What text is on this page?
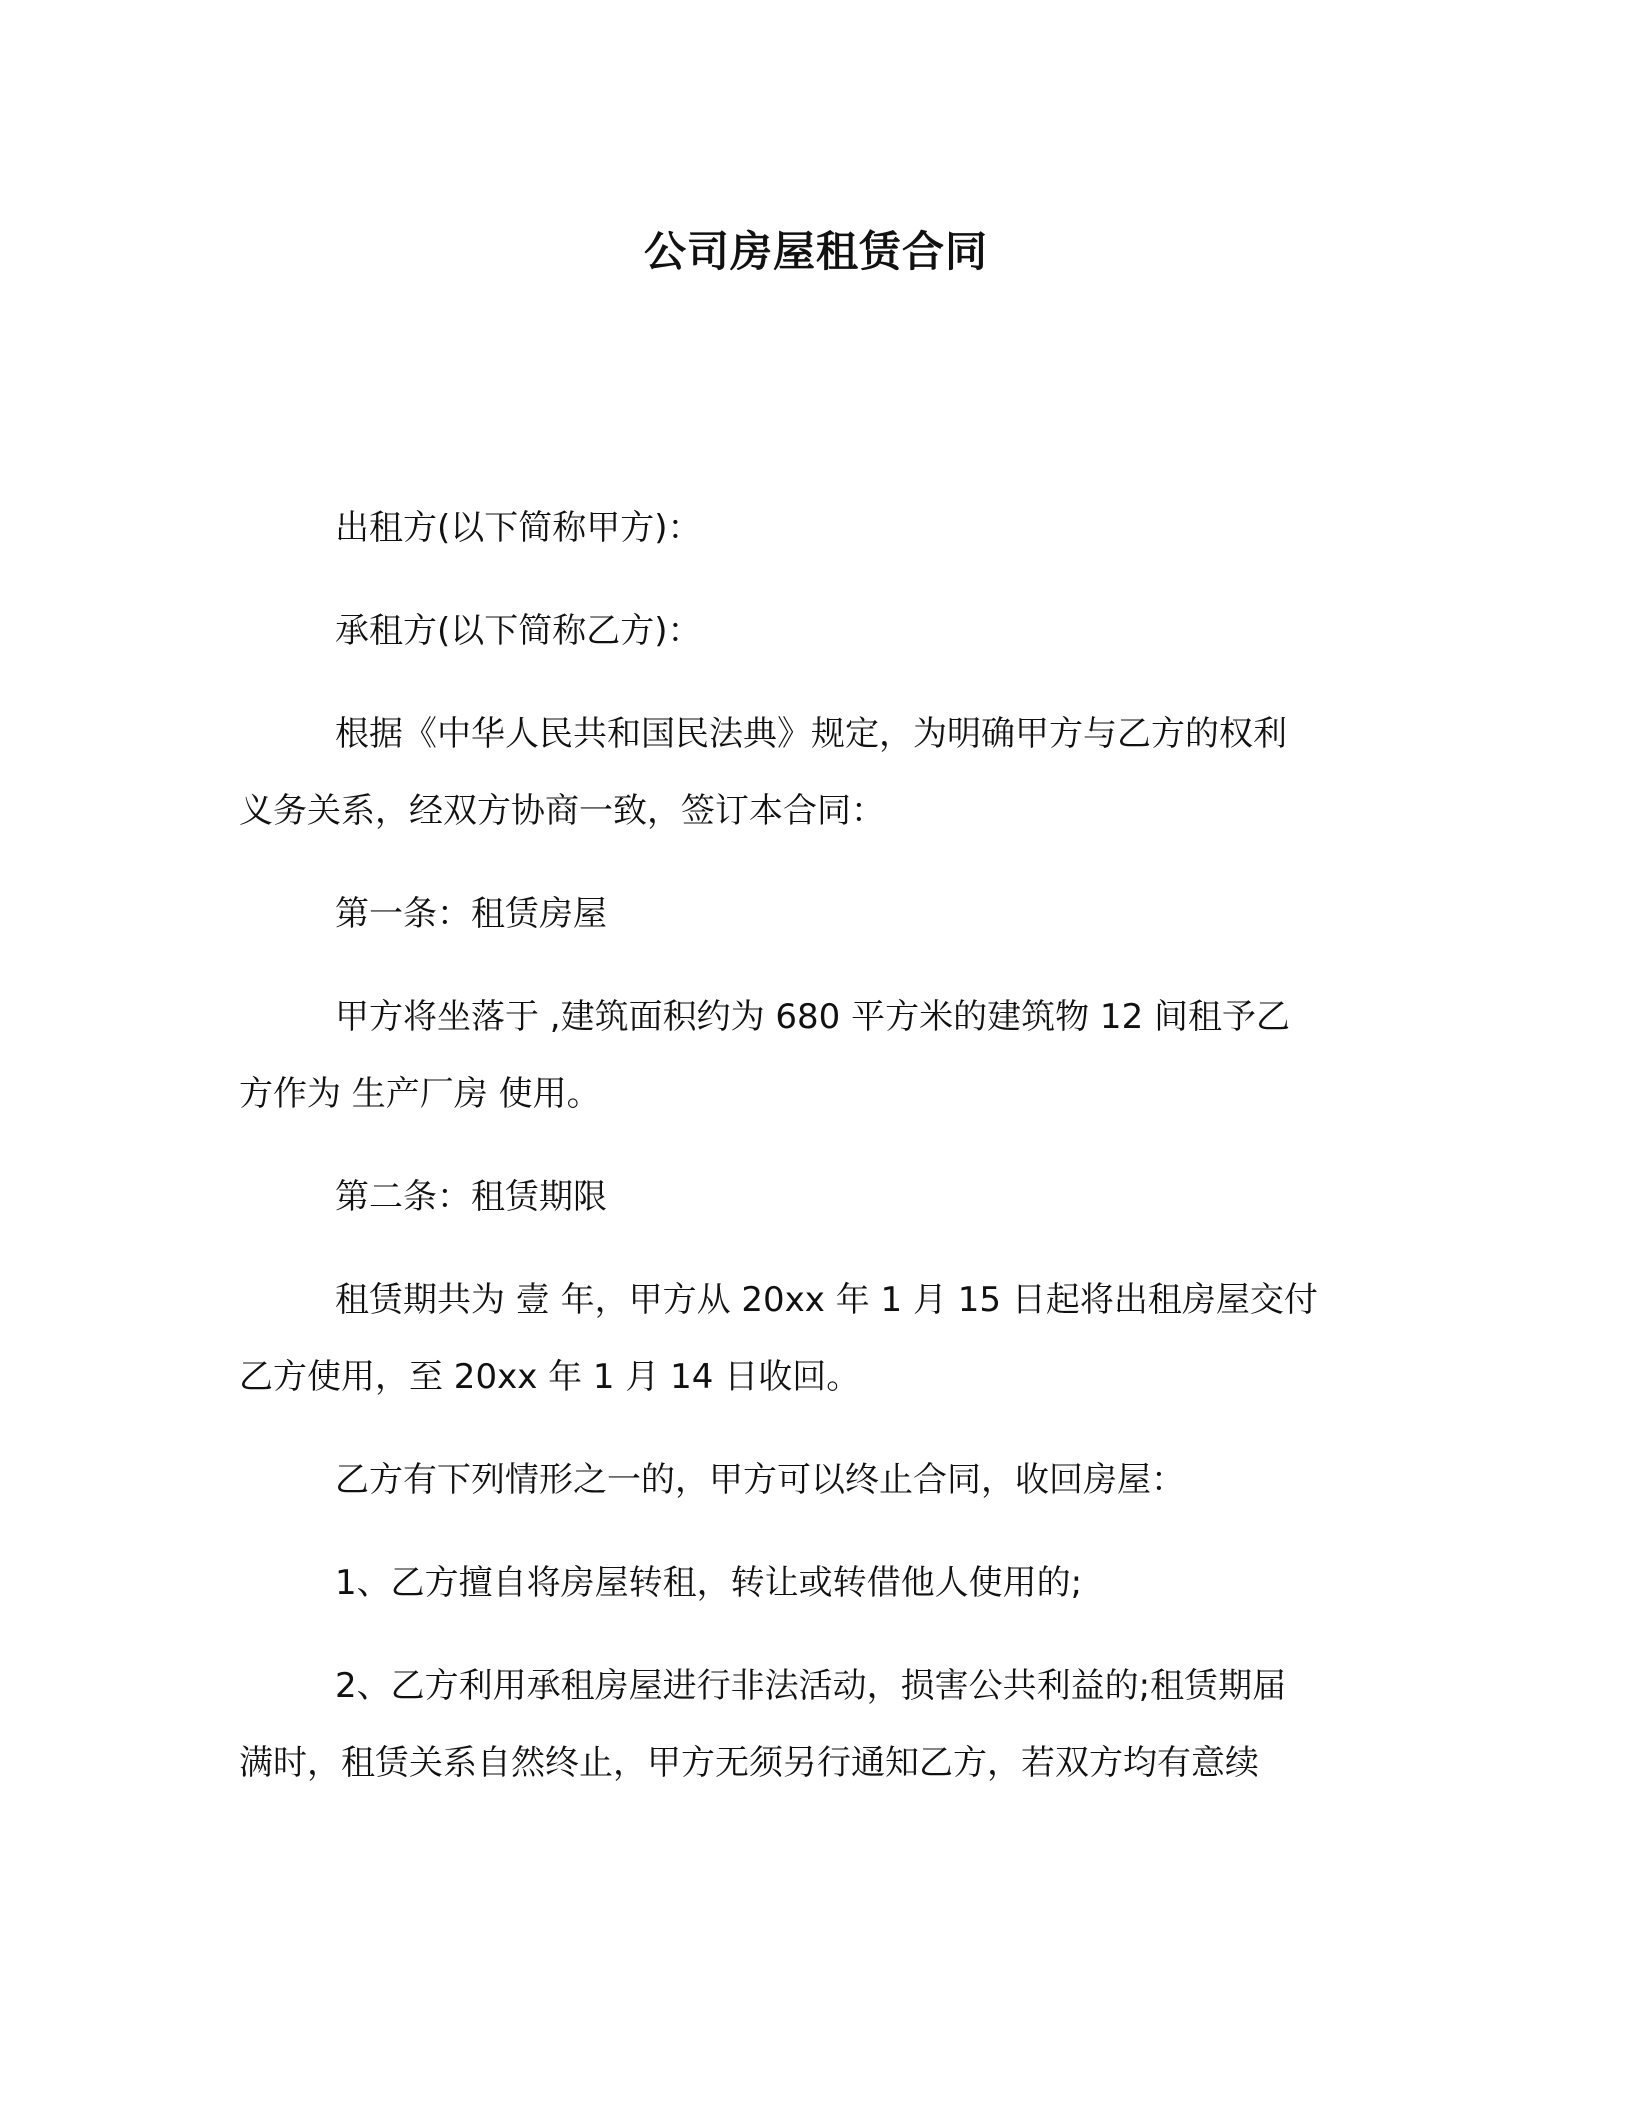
公司房屋租赁合同

出租方(以下简称甲方)：

承租方(以下简称乙方)：

根据《中华人民共和国民法典》规定，为明确甲方与乙方的权利
义务关系，经双方协商一致，签订本合同：

第一条：租赁房屋

甲方将坐落于 ,建筑面积约为 680 平方米的建筑物 12 间租予乙
方作为 生产厂房 使用。

第二条：租赁期限

租赁期共为 壹 年，甲方从 20xx 年 1 月 15 日起将出租房屋交付
乙方使用，至 20xx 年 1 月 14 日收回。

乙方有下列情形之一的，甲方可以终止合同，收回房屋：

1、乙方擅自将房屋转租，转让或转借他人使用的;

2、乙方利用承租房屋进行非法活动，损害公共利益的;租赁期届
满时，租赁关系自然终止，甲方无须另行通知乙方，若双方均有意续
